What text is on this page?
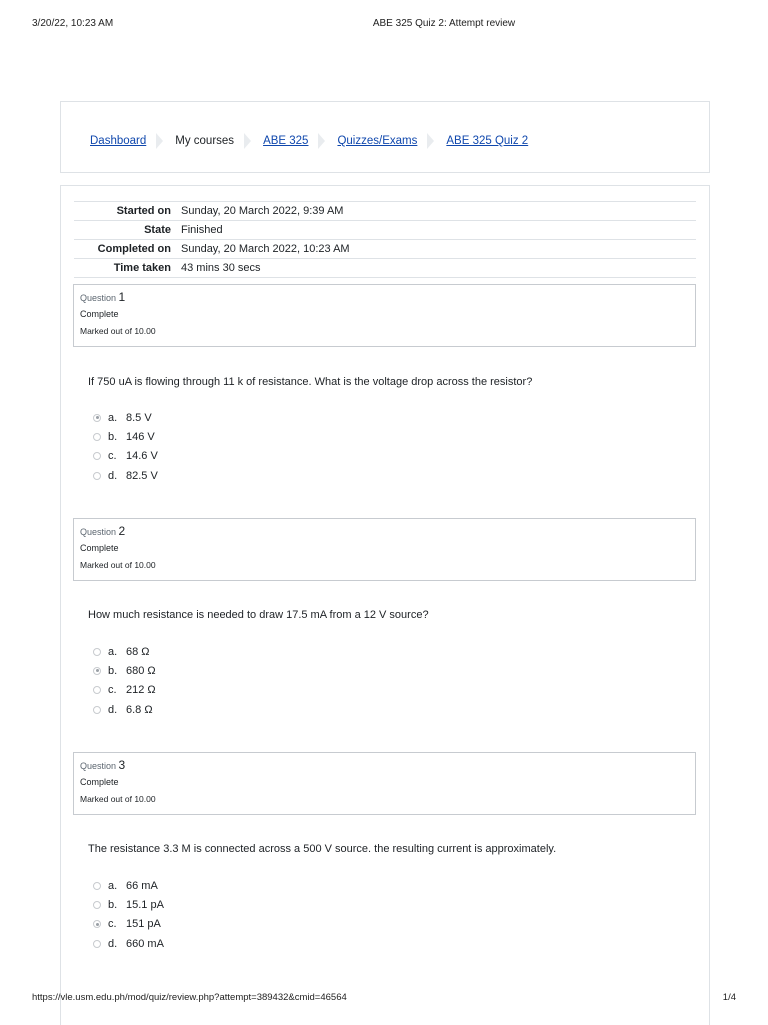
3/20/22, 10:23 AM	ABE 325 Quiz 2: Attempt review
Dashboard	My courses	ABE 325	Quizzes/Exams	ABE 325 Quiz 2
Started on	Sunday, 20 March 2022, 9:39 AM
State	Finished
Completed on	Sunday, 20 March 2022, 10:23 AM
Time taken	43 mins 30 secs
Question 1
Complete
Marked out of 10.00
If 750 uA is flowing through 11 k of resistance. What is the voltage drop across the resistor?
a. 8.5 V
b. 146 V
c. 14.6 V
d. 82.5 V
Question 2
Complete
Marked out of 10.00
How much resistance is needed to draw 17.5 mA from a 12 V source?
a. 68 Ω
b. 680 Ω
c. 212 Ω
d. 6.8 Ω
Question 3
Complete
Marked out of 10.00
The resistance 3.3 M is connected across a 500 V source. the resulting current is approximately.
a. 66 mA
b. 15.1 pA
c. 151 pA
d. 660 mA
https://vle.usm.edu.ph/mod/quiz/review.php?attempt=389432&cmid=46564	1/4
